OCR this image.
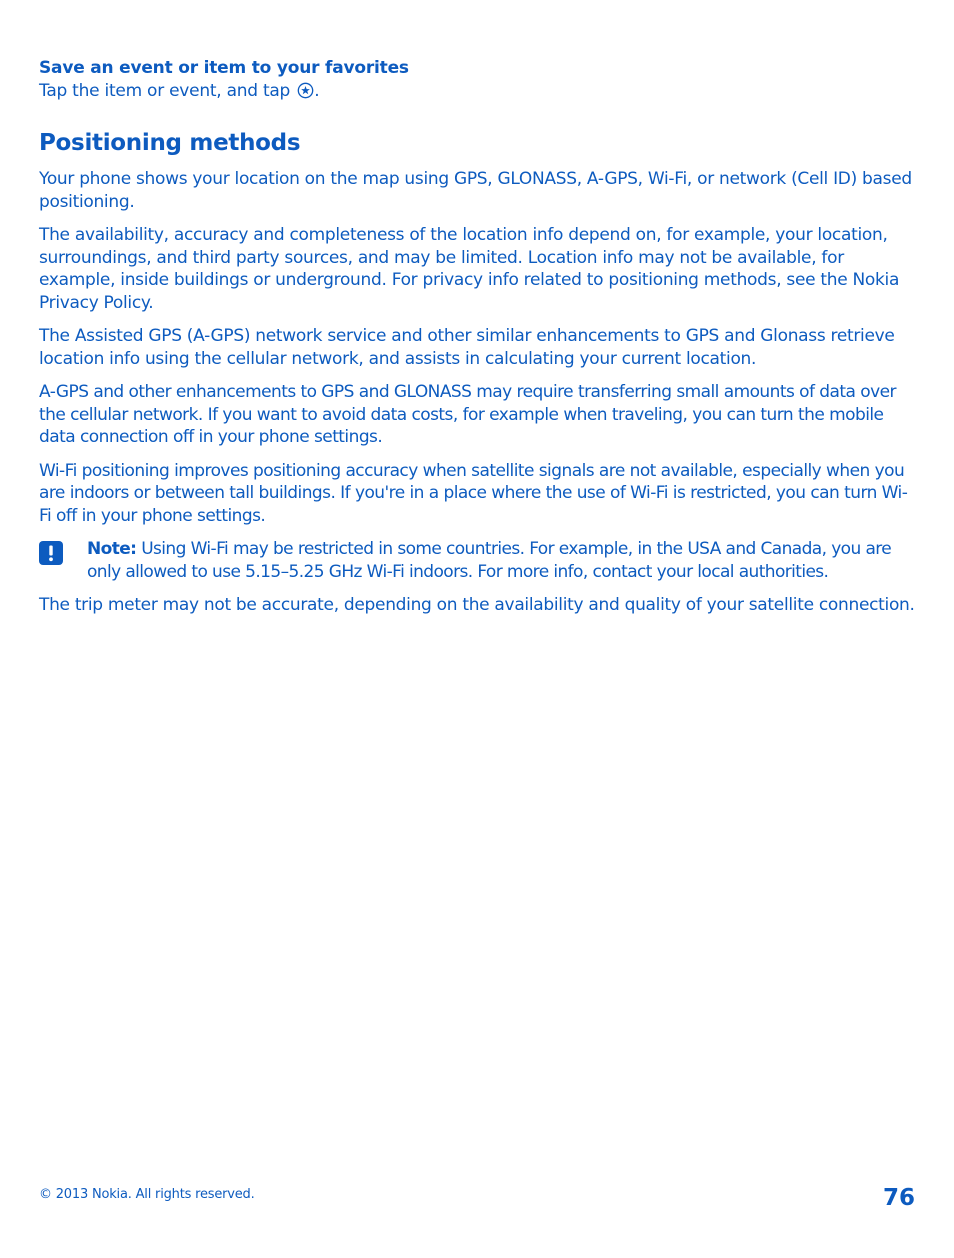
Save an event or item to your favorites

Tap the item or event, and tap .

Positioning methods

Your phone shows your location on the map using GPS, GLONASS, A-GPS, Wi-Fi, or network (Cell ID) based positioning.

The availability, accuracy and completeness of the location info depend on, for example, your location, surroundings, and third party sources, and may be limited. Location info may not be available, for example, inside buildings or underground. For privacy info related to positioning methods, see the Nokia Privacy Policy.

The Assisted GPS (A-GPS) network service and other similar enhancements to GPS and Glonass retrieve location info using the cellular network, and assists in calculating your current location.

A-GPS and other enhancements to GPS and GLONASS may require transferring small amounts of data over the cellular network. If you want to avoid data costs, for example when traveling, you can turn the mobile data connection off in your phone settings.

Wi-Fi positioning improves positioning accuracy when satellite signals are not available, especially when you are indoors or between tall buildings. If you're in a place where the use of Wi-Fi is restricted, you can turn Wi-Fi off in your phone settings.

Note: Using Wi-Fi may be restricted in some countries. For example, in the USA and Canada, you are only allowed to use 5.15–5.25 GHz Wi-Fi indoors. For more info, contact your local authorities.

The trip meter may not be accurate, depending on the availability and quality of your satellite connection.

© 2013 Nokia. All rights reserved.	76
